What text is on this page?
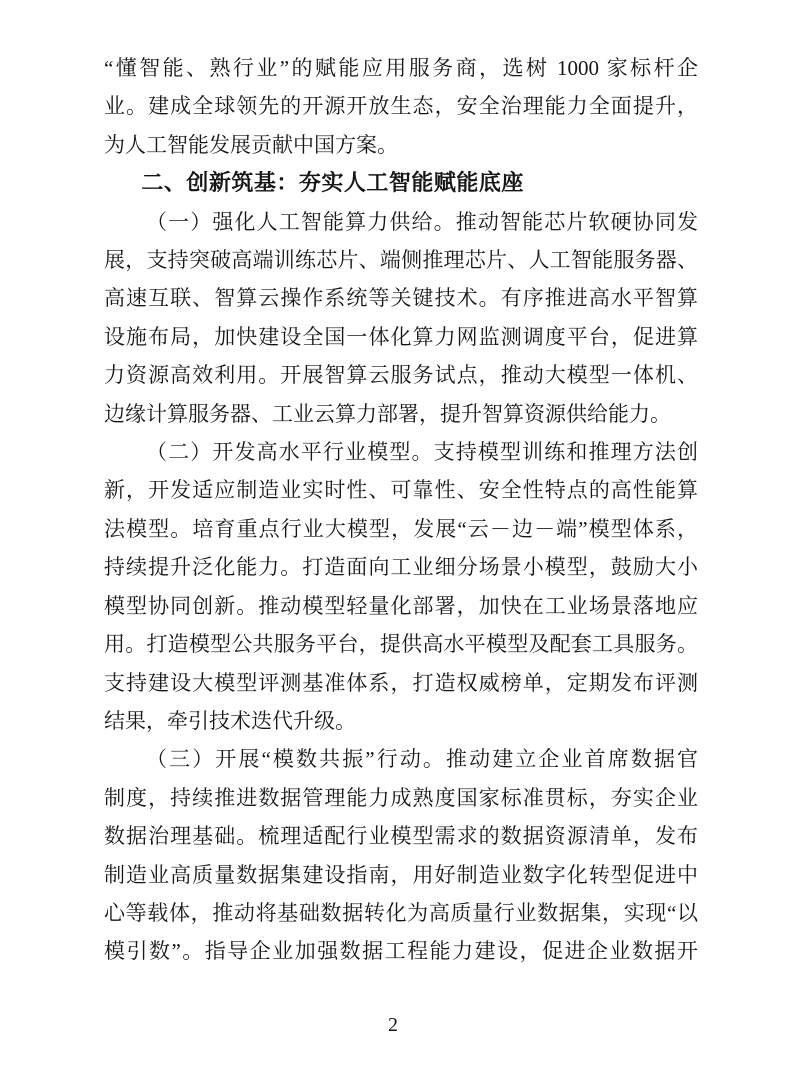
“懂智能、熟行业”的赋能应用服务商，选树 1000 家标杆企
业。建成全球领先的开源开放生态，安全治理能力全面提升，
为人工智能发展贡献中国方案。
二、创新筑基：夯实人工智能赋能底座
（一）强化人工智能算力供给。推动智能芯片软硬协同发
展，支持突破高端训练芯片、端侧推理芯片、人工智能服务器、
高速互联、智算云操作系统等关键技术。有序推进高水平智算
设施布局，加快建设全国一体化算力网监测调度平台，促进算
力资源高效利用。开展智算云服务试点，推动大模型一体机、
边缘计算服务器、工业云算力部署，提升智算资源供给能力。
（二）开发高水平行业模型。支持模型训练和推理方法创
新，开发适应制造业实时性、可靠性、安全性特点的高性能算
法模型。培育重点行业大模型，发展“云－边－端”模型体系，
持续提升泛化能力。打造面向工业细分场景小模型，鼓励大小
模型协同创新。推动模型轻量化部署，加快在工业场景落地应
用。打造模型公共服务平台，提供高水平模型及配套工具服务。
支持建设大模型评测基准体系，打造权威榜单，定期发布评测
结果，牵引技术迭代升级。
（三）开展“模数共振”行动。推动建立企业首席数据官
制度，持续推进数据管理能力成熟度国家标准贯标，夯实企业
数据治理基础。梳理适配行业模型需求的数据资源清单，发布
制造业高质量数据集建设指南，用好制造业数字化转型促进中
心等载体，推动将基础数据转化为高质量行业数据集，实现“以
模引数”。指导企业加强数据工程能力建设，促进企业数据开
2
